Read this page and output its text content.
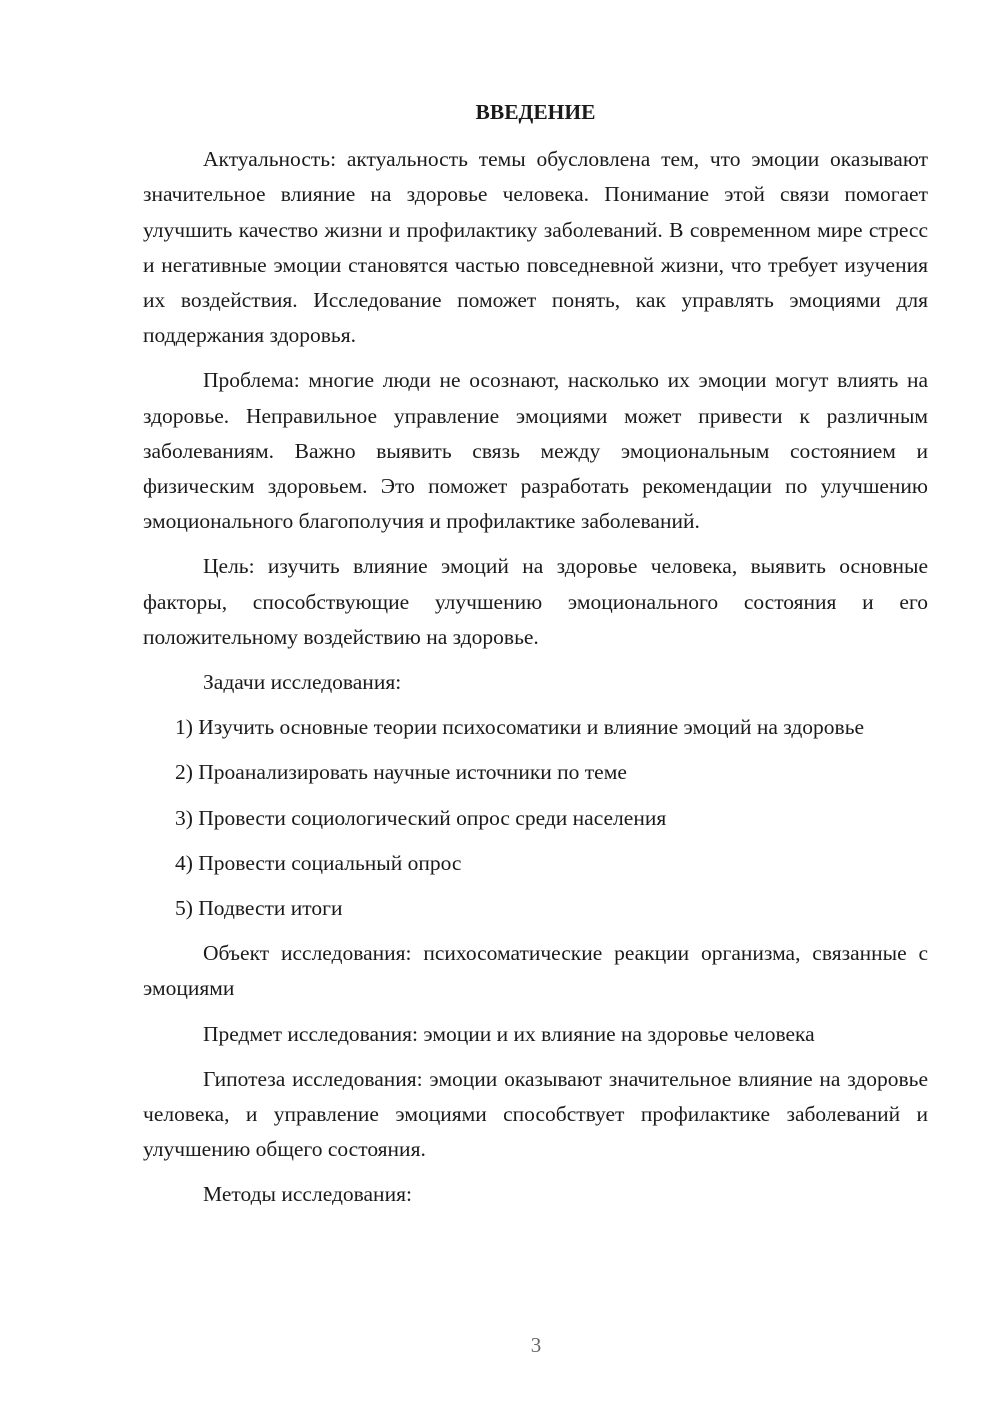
ВВЕДЕНИЕ

Актуальность: актуальность темы обусловлена тем, что эмоции оказывают значительное влияние на здоровье человека. Понимание этой связи помогает улучшить качество жизни и профилактику заболеваний. В современном мире стресс и негативные эмоции становятся частью повседневной жизни, что требует изучения их воздействия. Исследование поможет понять, как управлять эмоциями для поддержания здоровья.

Проблема: многие люди не осознают, насколько их эмоции могут влиять на здоровье. Неправильное управление эмоциями может привести к различным заболеваниям. Важно выявить связь между эмоциональным состоянием и физическим здоровьем. Это поможет разработать рекомендации по улучшению эмоционального благополучия и профилактике заболеваний.

Цель: изучить влияние эмоций на здоровье человека, выявить основные факторы, способствующие улучшению эмоционального состояния и его положительному воздействию на здоровье.

Задачи исследования:

1) Изучить основные теории психосоматики и влияние эмоций на здоровье

2) Проанализировать научные источники по теме

3) Провести социологический опрос среди населения

4) Провести социальный опрос

5) Подвести итоги

Объект исследования: психосоматические реакции организма, связанные с эмоциями

Предмет исследования: эмоции и их влияние на здоровье человека

Гипотеза исследования: эмоции оказывают значительное влияние на здоровье человека, и управление эмоциями способствует профилактике заболеваний и улучшению общего состояния.

Методы исследования:

3
